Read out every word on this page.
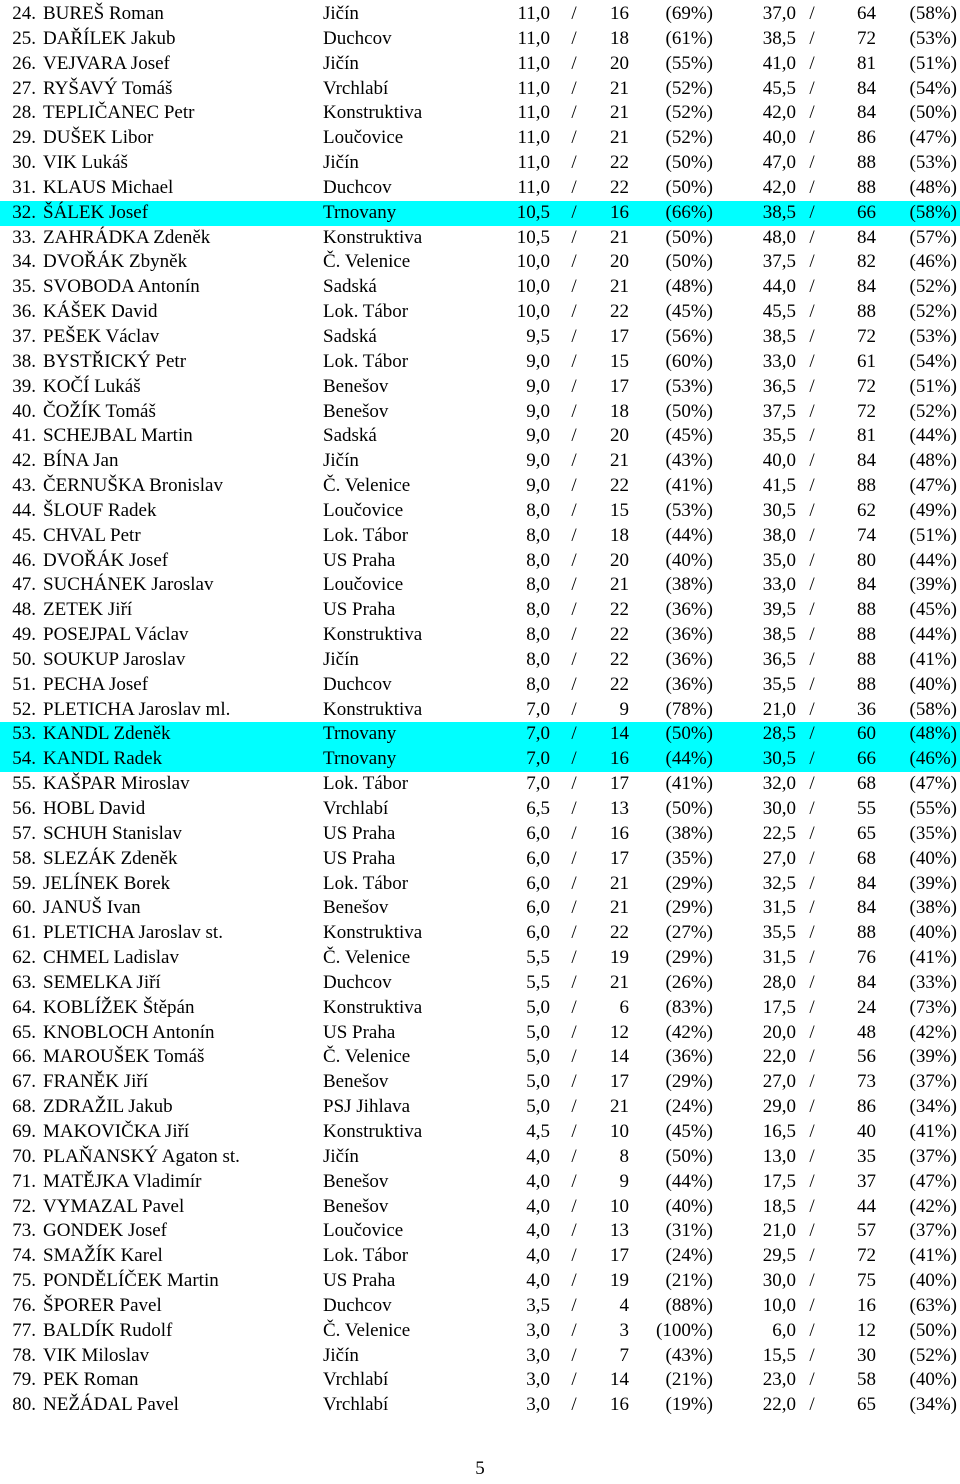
24. BUREŠ Roman	Jičín	11,0 / 16 (69%)	37,0 / 64 (58%)
25. DAŘÍLEK Jakub	Duchcov	11,0 / 18 (61%)	38,5 / 72 (53%)
26. VEJVARA Josef	Jičín	11,0 / 20 (55%)	41,0 / 81 (51%)
27. RYŠAVÝ Tomáš	Vrchlabí	11,0 / 21 (52%)	45,5 / 84 (54%)
28. TEPLIČANEC Petr	Konstruktiva	11,0 / 21 (52%)	42,0 / 84 (50%)
29. DUŠEK Libor	Loučovice	11,0 / 21 (52%)	40,0 / 86 (47%)
30. VIK Lukáš	Jičín	11,0 / 22 (50%)	47,0 / 88 (53%)
31. KLAUS Michael	Duchcov	11,0 / 22 (50%)	42,0 / 88 (48%)
32. ŠÁLEK Josef	Trnovany	10,5 / 16 (66%)	38,5 / 66 (58%)
33. ZAHRÁDKA Zdeněk	Konstruktiva	10,5 / 21 (50%)	48,0 / 84 (57%)
34. DVOŘÁK Zbyněk	Č. Velenice	10,0 / 20 (50%)	37,5 / 82 (46%)
35. SVOBODA Antonín	Sadská	10,0 / 21 (48%)	44,0 / 84 (52%)
36. KÁŠEK David	Lok. Tábor	10,0 / 22 (45%)	45,5 / 88 (52%)
37. PEŠEK Václav	Sadská	9,5 / 17 (56%)	38,5 / 72 (53%)
38. BYSTŘICKÝ Petr	Lok. Tábor	9,0 / 15 (60%)	33,0 / 61 (54%)
39. KOČÍ Lukáš	Benešov	9,0 / 17 (53%)	36,5 / 72 (51%)
40. ČOŽÍK Tomáš	Benešov	9,0 / 18 (50%)	37,5 / 72 (52%)
41. SCHEJBAL Martin	Sadská	9,0 / 20 (45%)	35,5 / 81 (44%)
42. BÍNA Jan	Jičín	9,0 / 21 (43%)	40,0 / 84 (48%)
43. ČERNUŠKA Bronislav	Č. Velenice	9,0 / 22 (41%)	41,5 / 88 (47%)
44. ŠLOUF Radek	Loučovice	8,0 / 15 (53%)	30,5 / 62 (49%)
45. CHVAL Petr	Lok. Tábor	8,0 / 18 (44%)	38,0 / 74 (51%)
46. DVOŘÁK Josef	US Praha	8,0 / 20 (40%)	35,0 / 80 (44%)
47. SUCHÁNEK Jaroslav	Loučovice	8,0 / 21 (38%)	33,0 / 84 (39%)
48. ZETEK Jiří	US Praha	8,0 / 22 (36%)	39,5 / 88 (45%)
49. POSEJPAL Václav	Konstruktiva	8,0 / 22 (36%)	38,5 / 88 (44%)
50. SOUKUP Jaroslav	Jičín	8,0 / 22 (36%)	36,5 / 88 (41%)
51. PECHA Josef	Duchcov	8,0 / 22 (36%)	35,5 / 88 (40%)
52. PLETICHA Jaroslav ml.	Konstruktiva	7,0 / 9 (78%)	21,0 / 36 (58%)
53. KANDL Zdeněk	Trnovany	7,0 / 14 (50%)	28,5 / 60 (48%)
54. KANDL Radek	Trnovany	7,0 / 16 (44%)	30,5 / 66 (46%)
55. KAŠPAR Miroslav	Lok. Tábor	7,0 / 17 (41%)	32,0 / 68 (47%)
56. HOBL David	Vrchlabí	6,5 / 13 (50%)	30,0 / 55 (55%)
57. SCHUH Stanislav	US Praha	6,0 / 16 (38%)	22,5 / 65 (35%)
58. SLEZÁK Zdeněk	US Praha	6,0 / 17 (35%)	27,0 / 68 (40%)
59. JELÍNEK Borek	Lok. Tábor	6,0 / 21 (29%)	32,5 / 84 (39%)
60. JANUŠ Ivan	Benešov	6,0 / 21 (29%)	31,5 / 84 (38%)
61. PLETICHA Jaroslav st.	Konstruktiva	6,0 / 22 (27%)	35,5 / 88 (40%)
62. CHMEL Ladislav	Č. Velenice	5,5 / 19 (29%)	31,5 / 76 (41%)
63. SEMELKA Jiří	Duchcov	5,5 / 21 (26%)	28,0 / 84 (33%)
64. KOBLÍŽEK Štěpán	Konstruktiva	5,0 / 6 (83%)	17,5 / 24 (73%)
65. KNOBLOCH Antonín	US Praha	5,0 / 12 (42%)	20,0 / 48 (42%)
66. MAROUŠEK Tomáš	Č. Velenice	5,0 / 14 (36%)	22,0 / 56 (39%)
67. FRANĚK Jiří	Benešov	5,0 / 17 (29%)	27,0 / 73 (37%)
68. ZDRAŽIL Jakub	PSJ Jihlava	5,0 / 21 (24%)	29,0 / 86 (34%)
69. MAKOVIČKA Jiří	Konstruktiva	4,5 / 10 (45%)	16,5 / 40 (41%)
70. PLAŇANSKÝ Agaton st.	Jičín	4,0 / 8 (50%)	13,0 / 35 (37%)
71. MATĚJKA Vladimír	Benešov	4,0 / 9 (44%)	17,5 / 37 (47%)
72. VYMAZAL Pavel	Benešov	4,0 / 10 (40%)	18,5 / 44 (42%)
73. GONDEK Josef	Loučovice	4,0 / 13 (31%)	21,0 / 57 (37%)
74. SMAŽÍK Karel	Lok. Tábor	4,0 / 17 (24%)	29,5 / 72 (41%)
75. PONDĚLÍČEK Martin	US Praha	4,0 / 19 (21%)	30,0 / 75 (40%)
76. ŠPORER Pavel	Duchcov	3,5 / 4 (88%)	10,0 / 16 (63%)
77. BALDÍK Rudolf	Č. Velenice	3,0 / 3 (100%)	6,0 / 12 (50%)
78. VIK Miloslav	Jičín	3,0 / 7 (43%)	15,5 / 30 (52%)
79. PEK Roman	Vrchlabí	3,0 / 14 (21%)	23,0 / 58 (40%)
80. NEŽÁDAL Pavel	Vrchlabí	3,0 / 16 (19%)	22,0 / 65 (34%)
5
